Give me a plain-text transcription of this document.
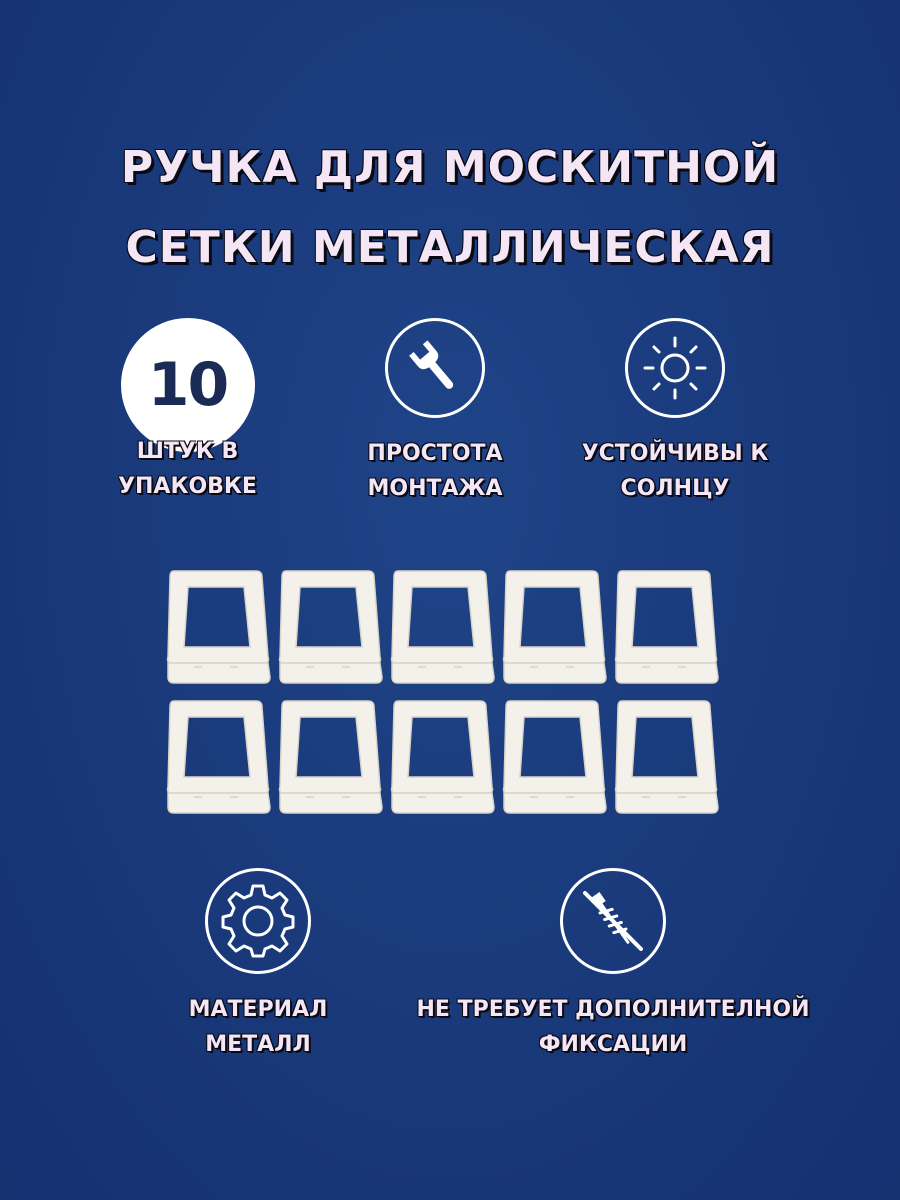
РУЧКА ДЛЯ МОСКИТНОЙ
СЕТКИ МЕТАЛЛИЧЕСКАЯ
10
ШТУК В
УПАКОВКЕ
ПРОСТОТА
МОНТАЖА
УСТОЙЧИВЫ К
СОЛНЦУ
МАТЕРИАЛ
МЕТАЛЛ
НЕ ТРЕБУЕТ ДОПОЛНИТЕЛНОЙ
ФИКСАЦИИ
